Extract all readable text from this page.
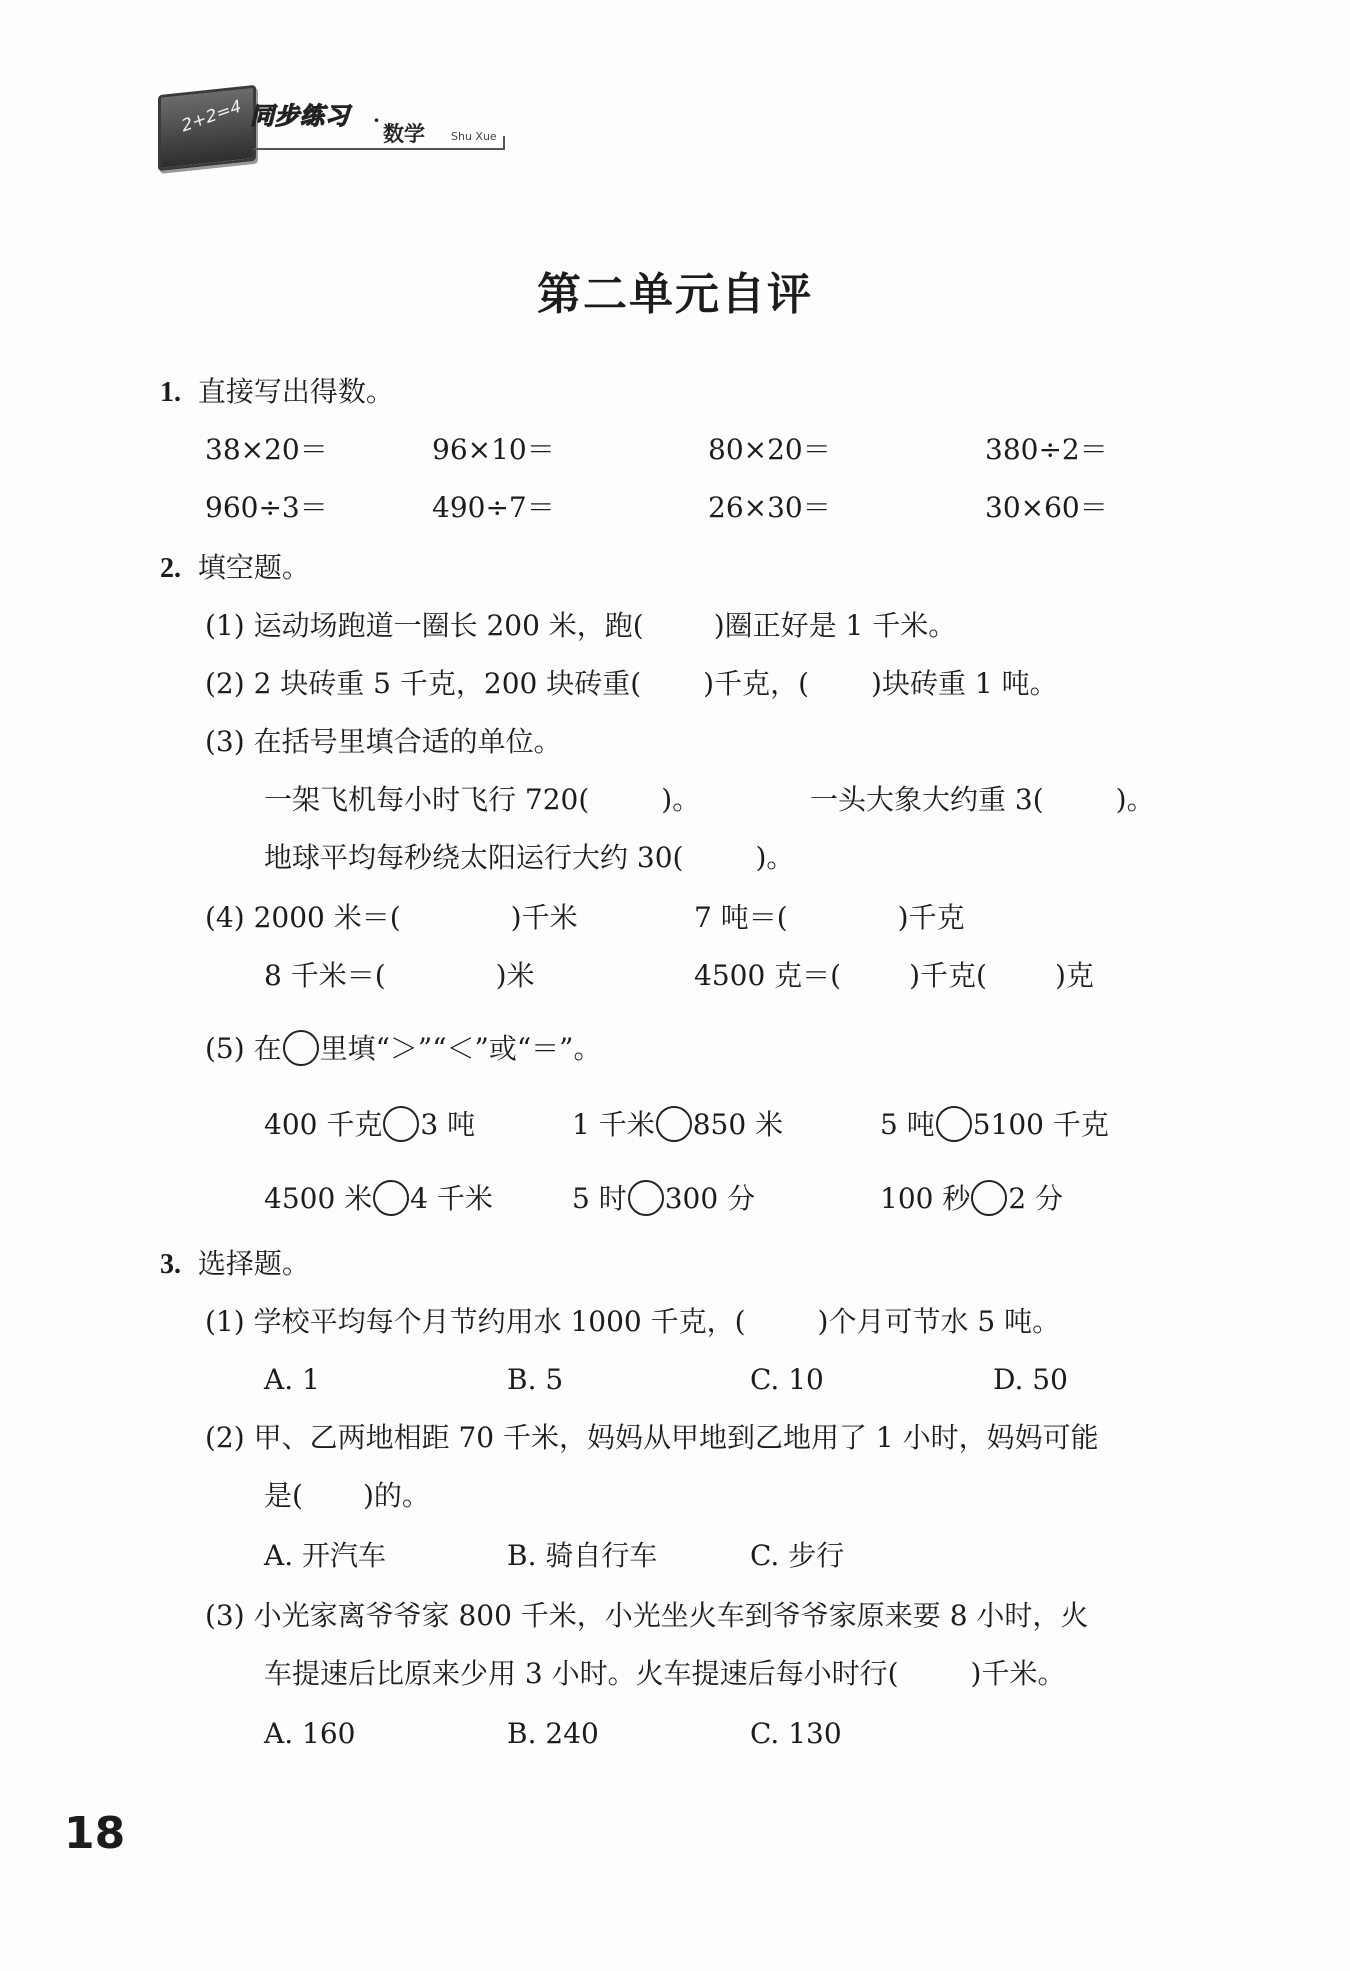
2+2=4 同步练习 ·
数学 Shu Xue
第二单元自评
1. 直接写出得数。
38×20＝	96×10＝	80×20＝	380÷2＝
960÷3＝	490÷7＝	26×30＝	30×60＝
2. 填空题。
(1) 运动场跑道一圈长 200 米，跑(	)圈正好是 1 千米。
(2) 2 块砖重 5 千克，200 块砖重( )千克，( )块砖重 1 吨。
(3) 在括号里填合适的单位。
一架飞机每小时飞行 720(	)。	一头大象大约重 3(	)。
地球平均每秒绕太阳运行大约 30(	)。
(4) 2000 米＝(	)千米	7 吨＝(	)千克
8 千米＝(	)米	4500 克＝( )千克( )克
(5) 在 里填“＞”“＜”或“＝”。
400 千克 3 吨	1 千米 850 米	5 吨 5100 千克
4500 米 4 千米	5 时 300 分	100 秒 2 分
3. 选择题。
(1) 学校平均每个月节约用水 1000 千克，(	)个月可节水 5 吨。
A. 1	B. 5	C. 10	D. 50
(2) 甲、乙两地相距 70 千米，妈妈从甲地到乙地用了 1 小时，妈妈可能
是( )的。
A. 开汽车	B. 骑自行车	C. 步行
(3) 小光家离爷爷家 800 千米，小光坐火车到爷爷家原来要 8 小时，火
车提速后比原来少用 3 小时。火车提速后每小时行(	)千米。
A. 160	B. 240	C. 130
18
